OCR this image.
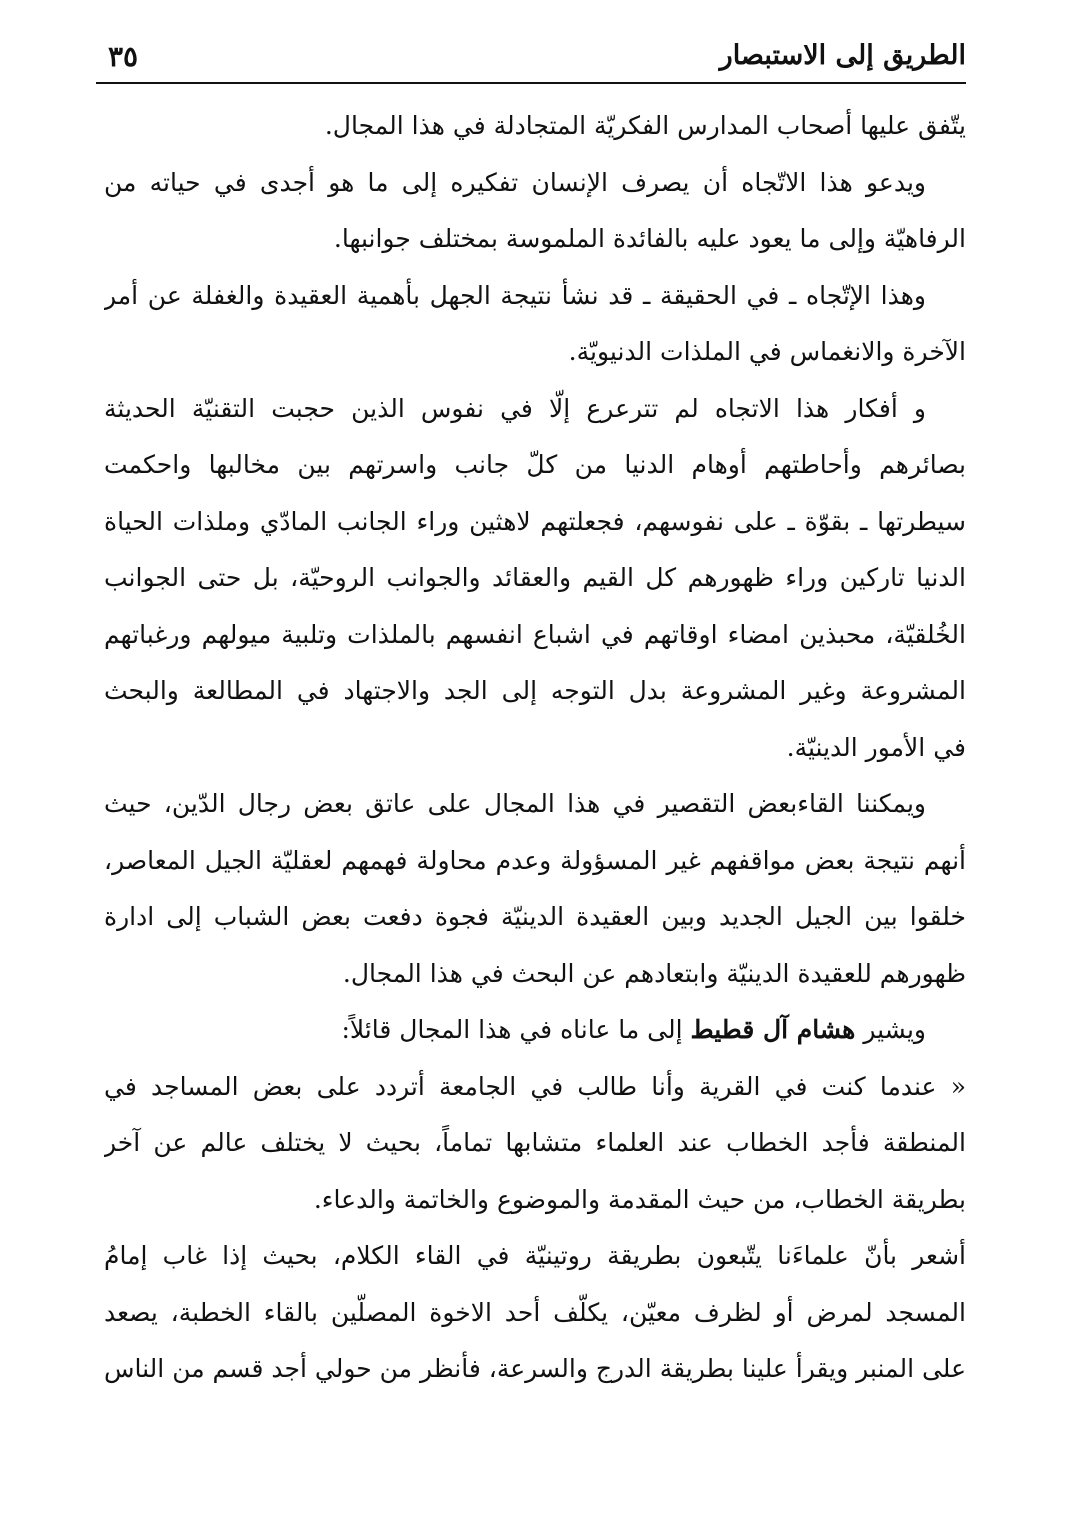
الطريق إلى الاستبصار
٣٥
يتّفق عليها أصحاب المدارس الفكريّة المتجادلة في هذا المجال.
ويدعو هذا الاتّجاه أن يصرف الإنسان تفكيره إلى ما هو أجدى في حياته من
الرفاهيّة وإلى ما يعود عليه بالفائدة الملموسة بمختلف جوانبها.
وهذا الإتّجاه ـ في الحقيقة ـ قد نشأ نتيجة الجهل بأهمية العقيدة والغفلة عن أمر
الآخرة والانغماس في الملذات الدنيويّة.
و أفكار هذا الاتجاه لم تترعرع إلّا في نفوس الذين حجبت التقنيّة الحديثة
بصائرهم وأحاطتهم أوهام الدنيا من كلّ جانب واسرتهم بين مخالبها واحكمت
سيطرتها ـ بقوّة ـ على نفوسهم، فجعلتهم لاهثين وراء الجانب المادّي وملذات الحياة
الدنيا تاركين وراء ظهورهم كل القيم والعقائد والجوانب الروحيّة، بل حتى الجوانب
الخُلقيّة، محبذين امضاء اوقاتهم في اشباع انفسهم بالملذات وتلبية ميولهم ورغباتهم
المشروعة وغير المشروعة بدل التوجه إلى الجد والاجتهاد في المطالعة والبحث
في الأمور الدينيّة.
ويمكننا القاءبعض التقصير في هذا المجال على عاتق بعض رجال الدّين، حيث
أنهم نتيجة بعض مواقفهم غير المسؤولة وعدم محاولة فهمهم لعقليّة الجيل المعاصر،
خلقوا بين الجيل الجديد وبين العقيدة الدينيّة فجوة دفعت بعض الشباب إلى ادارة
ظهورهم للعقيدة الدينيّة وابتعادهم عن البحث في هذا المجال.
ويشير هشام آل قطيط إلى ما عاناه في هذا المجال قائلاً:
« عندما كنت في القرية وأنا طالب في الجامعة أتردد على بعض المساجد في
المنطقة فأجد الخطاب عند العلماء متشابها تماماً، بحيث لا يختلف عالم عن آخر
بطريقة الخطاب، من حيث المقدمة والموضوع والخاتمة والدعاء.
أشعر بأنّ علماءَنا يتّبعون بطريقة روتينيّة في القاء الكلام، بحيث إذا غاب إمامُ
المسجد لمرض أو لظرف معيّن، يكلّف أحد الاخوة المصلّين بالقاء الخطبة، يصعد
على المنبر ويقرأ علينا بطريقة الدرج والسرعة، فأنظر من حولي أجد قسم من الناس
